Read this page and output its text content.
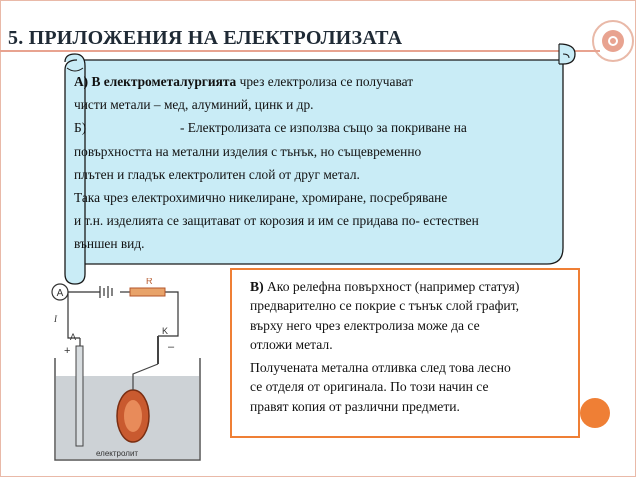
5. ПРИЛОЖЕНИЯ НА ЕЛЕКТРОЛИЗАТА
А) В електрометалургията чрез електролиза се получават
чисти метали – мед, алуминий, цинк и др.
Б)	- Електролизата се използва също за покриване на
повърхността на метални изделия с тънък, но същевременно
плътен и гладък електролитен слой от друг метал.
Така чрез електрохимично никелиране, хромиране, посребряване
и т.н. изделията се защитават от корозия и им се придава по- естествен
външен вид.
В) Ако релефна повърхност (например статуя)
предварително се покрие с тънък слой графит,
върху него чрез електролиза може да се
отложи метал.
Получената метална отливка след това лесно
се отделя от оригинала. По този начин се
правят копия от различни предмети.
A
R
I
A
K
+	–
електролит
